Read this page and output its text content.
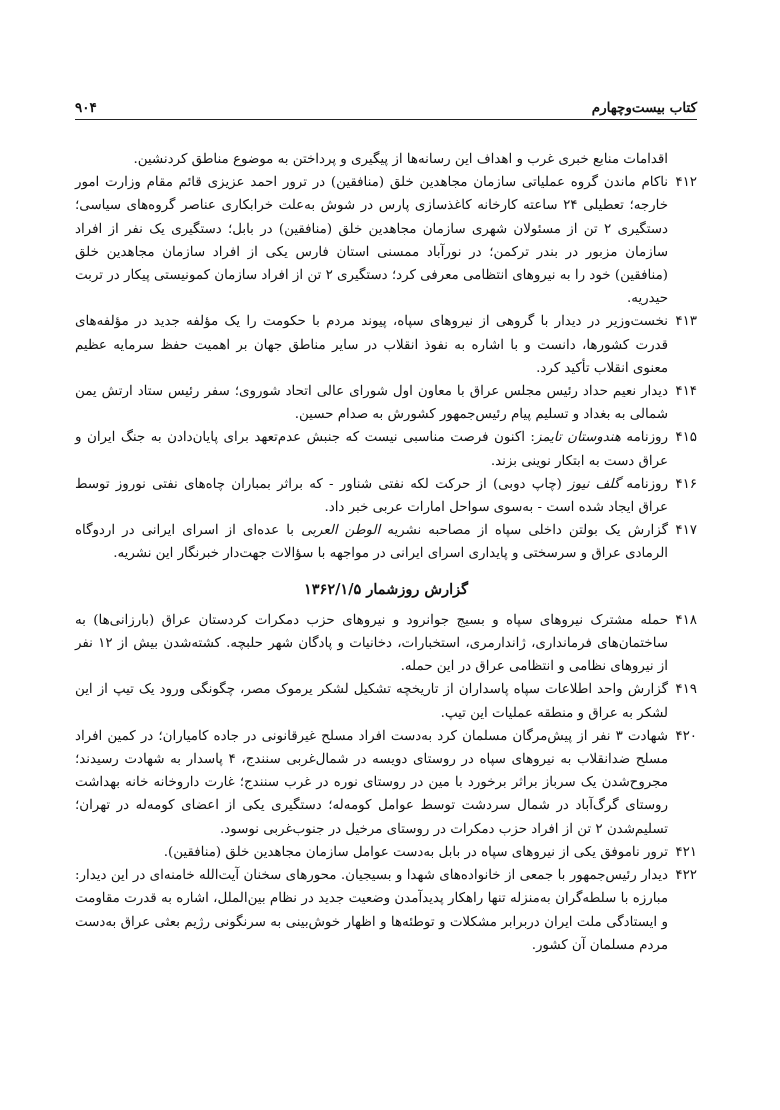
کتاب بیست‌وچهارم
۹۰۴
اقدامات منابع خبری غرب و اهداف این رسانه‌ها از پیگیری و پرداختن به موضوع مناطق کردنشین.
۴۱۲
ناکام ماندن گروه عملیاتی سازمان مجاهدین خلق (منافقین) در ترور احمد عزیزی قائم مقام وزارت امور خارجه؛ تعطیلی ۲۴ ساعته کارخانه کاغذسازی پارس در شوش به‌علت خرابکاری عناصر گروه‌های سیاسی؛ دستگیری ۲ تن از مسئولان شهری سازمان مجاهدین خلق (منافقین) در بابل؛ دستگیری یک نفر از افراد سازمان مزبور در بندر ترکمن؛ در نورآباد ممسنی استان فارس یکی از افراد سازمان مجاهدین خلق (منافقین) خود را به نیروهای انتظامی معرفی کرد؛ دستگیری ۲ تن از افراد سازمان کمونیستی پیکار در تربت حیدریه.
۴۱۳
نخست‌وزیر در دیدار با گروهی از نیروهای سپاه، پیوند مردم با حکومت را یک مؤلفه جدید در مؤلفه‌های قدرت کشورها، دانست و با اشاره به نفوذ انقلاب در سایر مناطق جهان بر اهمیت حفظ سرمایه عظیم معنوی انقلاب تأکید کرد.
۴۱۴
دیدار نعیم حداد رئیس مجلس عراق با معاون اول شورای عالی اتحاد شوروی؛ سفر رئیس ستاد ارتش یمن شمالی به بغداد و تسلیم پیام رئیس‌جمهور کشورش به صدام حسین.
۴۱۵
روزنامه هندوستان تایمز: اکنون فرصت مناسبی نیست که جنبش عدم‌تعهد برای پایان‌دادن به جنگ ایران و عراق دست به ابتکار نوینی بزند.
۴۱۶
روزنامه گلف نیوز (چاپ دوبی) از حرکت لکه نفتی شناور - که براثر بمباران چاه‌های نفتی نوروز توسط عراق ایجاد شده است - به‌سوی سواحل امارات عربی خبر داد.
۴۱۷
گزارش یک بولتن داخلی سپاه از مصاحبه نشریه الوطن العربی با عده‌ای از اسرای ایرانی در اردوگاه الرمادی عراق و سرسختی و پایداری اسرای ایرانی در مواجهه با سؤالات جهت‌دار خبرنگار این نشریه.
گزارش روزشمار ۱۳۶۲/۱/۵
۴۱۸
حمله مشترک نیروهای سپاه و بسیج جوانرود و نیروهای حزب دمکرات کردستان عراق (بارزانی‌ها) به ساختمان‌های فرمانداری، ژاندارمری، استخبارات، دخانیات و پادگان شهر حلبچه. کشته‌شدن بیش از ۱۲ نفر از نیروهای نظامی و انتظامی عراق در این حمله.
۴۱۹
گزارش واحد اطلاعات سپاه پاسداران از تاریخچه تشکیل لشکر یرموک مصر، چگونگی ورود یک تیپ از این لشکر به عراق و منطقه عملیات این تیپ.
۴۲۰
شهادت ۳ نفر از پیش‌مرگان مسلمان کرد به‌دست افراد مسلح غیرقانونی در جاده کامیاران؛ در کمین افراد مسلح ضدانقلاب به نیروهای سپاه در روستای دویسه در شمال‌غربی سنندج، ۴ پاسدار به شهادت رسیدند؛ مجروح‌شدن یک سرباز براثر برخورد با مین در روستای نوره در غرب سنندج؛ غارت داروخانه خانه بهداشت روستای گرگ‌آباد در شمال سردشت توسط عوامل کومه‌له؛ دستگیری یکی از اعضای کومه‌له در تهران؛ تسلیم‌شدن ۲ تن از افراد حزب دمکرات در روستای مرخیل در جنوب‌غربی نوسود.
۴۲۱
ترور ناموفق یکی از نیروهای سپاه در بابل به‌دست عوامل سازمان مجاهدین خلق (منافقین).
۴۲۲
دیدار رئیس‌جمهور با جمعی از خانواده‌های شهدا و بسیجیان. محورهای سخنان آیت‌الله خامنه‌ای در این دیدار: مبارزه با سلطه‌گران به‌منزله تنها راهکار پدیدآمدن وضعیت جدید در نظام بین‌الملل، اشاره به قدرت مقاومت و ایستادگی ملت ایران دربرابر مشکلات و توطئه‌ها و اظهار خوش‌بینی به سرنگونی رژیم بعثی عراق به‌دست مردم مسلمان آن کشور.
